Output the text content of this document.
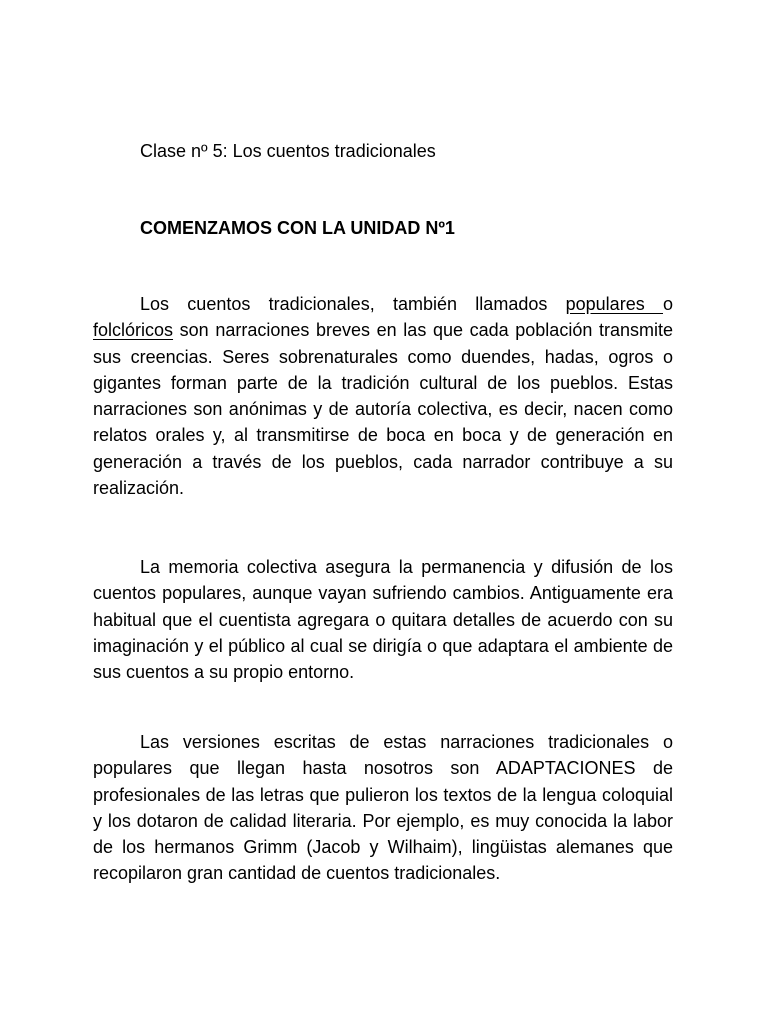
Clase nº 5: Los cuentos tradicionales

COMENZAMOS CON LA UNIDAD Nº1

Los cuentos tradicionales, también llamados populares o folclóricos son narraciones breves en las que cada población transmite sus creencias. Seres sobrenaturales como duendes, hadas, ogros o gigantes forman parte de la tradición cultural de los pueblos. Estas narraciones son anónimas y de autoría colectiva, es decir, nacen como relatos orales y, al transmitirse de boca en boca y de generación en generación a través de los pueblos, cada narrador contribuye a su realización.

La memoria colectiva asegura la permanencia y difusión de los cuentos populares, aunque vayan sufriendo cambios. Antiguamente era habitual que el cuentista agregara o quitara detalles de acuerdo con su imaginación y el público al cual se dirigía o que adaptara el ambiente de sus cuentos a su propio entorno.

Las versiones escritas de estas narraciones tradicionales o populares que llegan hasta nosotros son ADAPTACIONES de profesionales de las letras que pulieron los textos de la lengua coloquial y los dotaron de calidad literaria. Por ejemplo, es muy conocida la labor de los hermanos Grimm (Jacob y Wilhaim), lingüistas alemanes que recopilaron gran cantidad de cuentos tradicionales.
